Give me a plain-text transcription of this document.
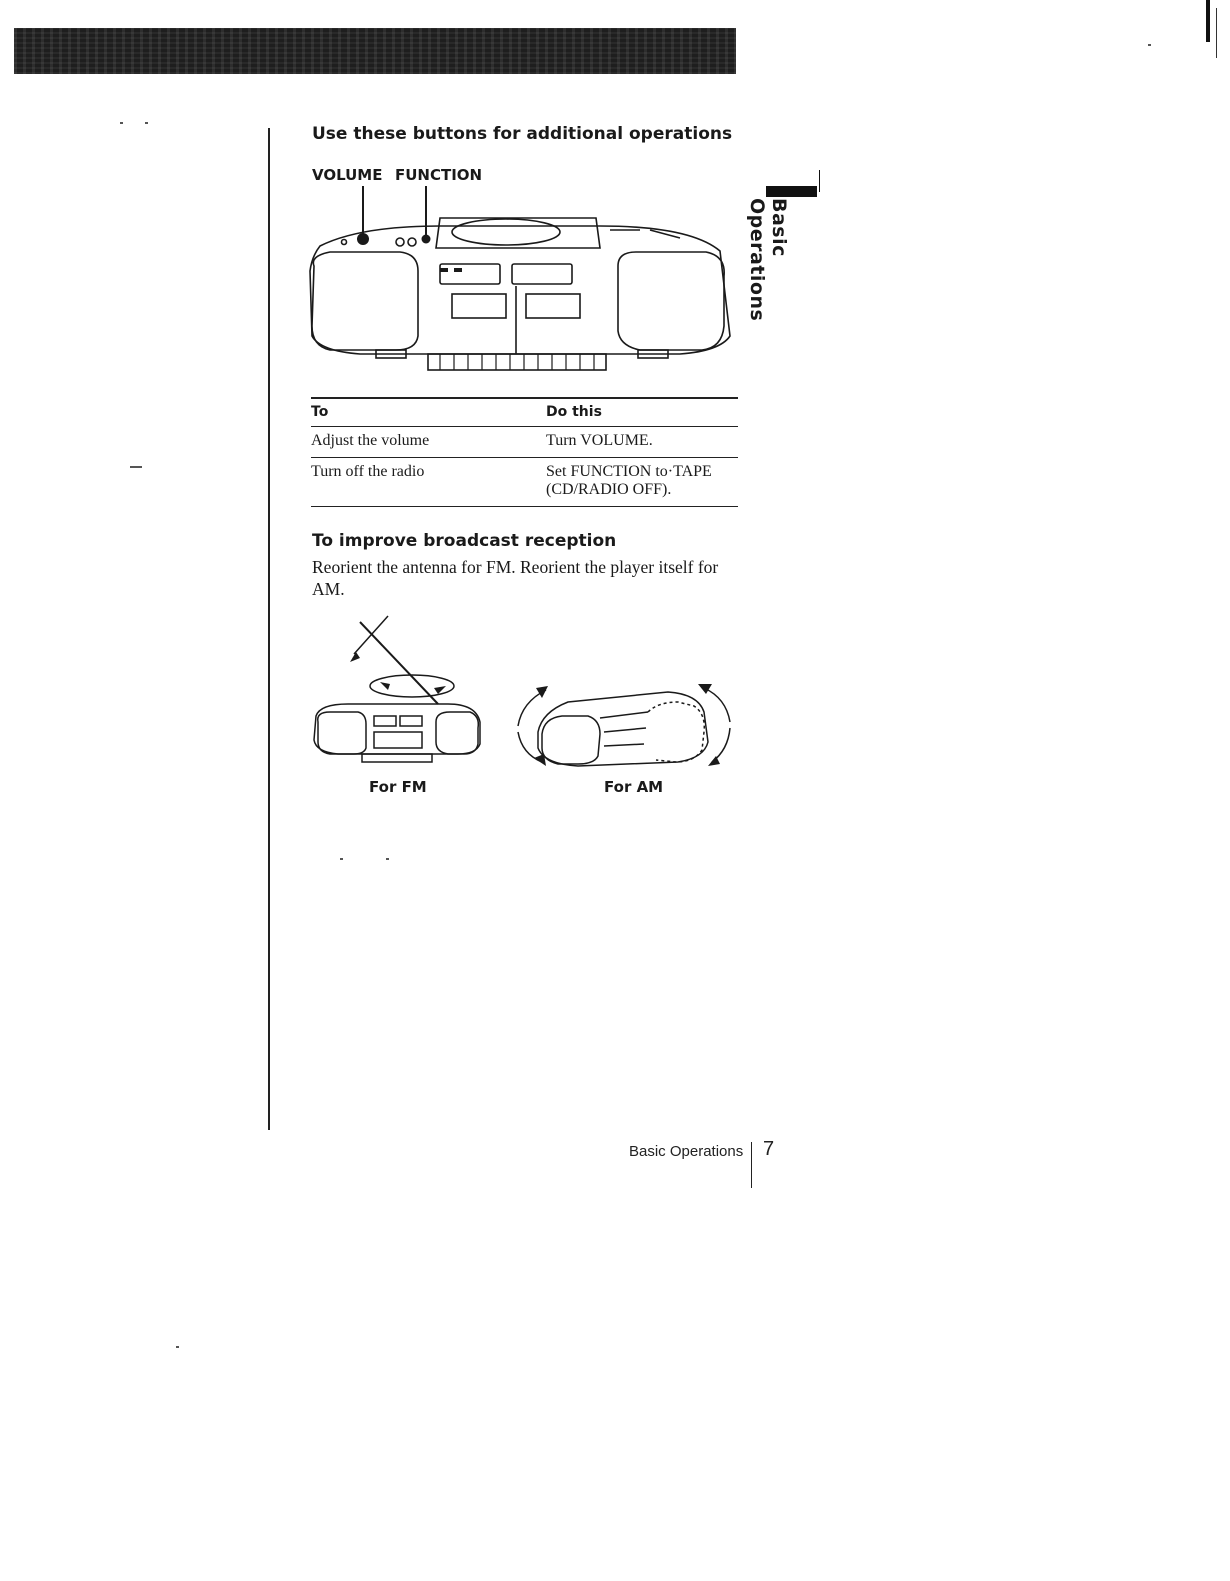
Use these buttons for additional operations
VOLUME FUNCTION
To	Do this
Adjust the volume	Turn VOLUME.
Turn off the radio	Set FUNCTION to·TAPE (CD/RADIO OFF).
To improve broadcast reception

Reorient the antenna for FM. Reorient the player itself for AM.

For FM	For AM
Basic Operations
Basic Operations 7
